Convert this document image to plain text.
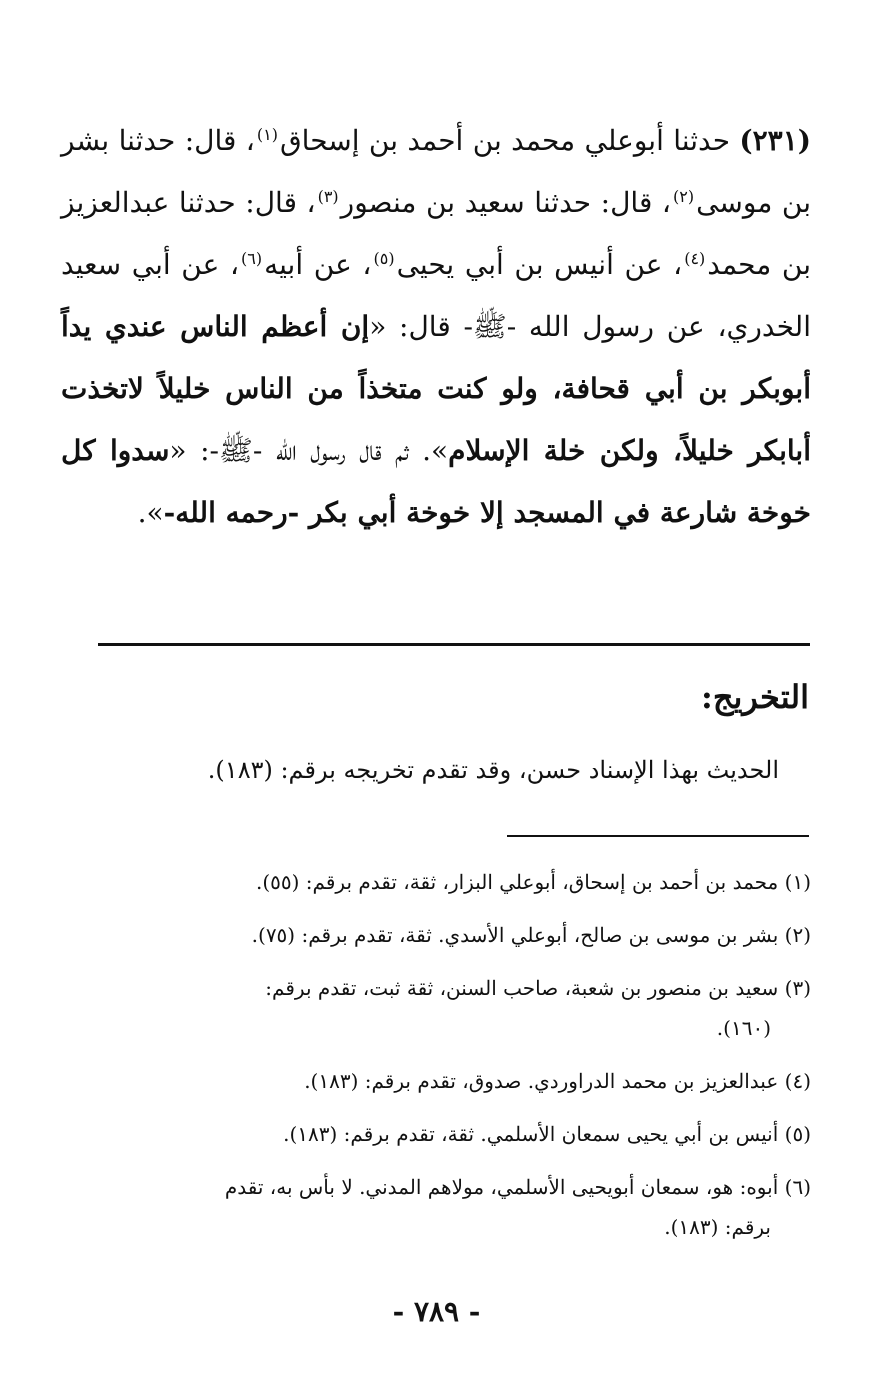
(٢٣١) حدثنا أبوعلي محمد بن أحمد بن إسحاق$^{(١)}$، قال: حدثنا بشر بن موسى$^{(٢)}$، قال: حدثنا سعيد بن منصور$^{(٣)}$، قال: حدثنا عبدالعزيز بن محمد$^{(٤)}$، عن أنيس بن أبي يحيى$^{(٥)}$، عن أبيه$^{(٦)}$، عن أبي سعيد الخدري، عن رسول الله -ﷺ- قال: «إن أعظم الناس عندي يداً أبوبكر بن أبي قحافة، ولو كنت متخذاً من الناس خليلاً لاتخذت أبابكر خليلاً، ولكن خلة الإسلام». ثم قال رسول الله -ﷺ-: «سدوا كل خوخة شارعة في المسجد إلا خوخة أبي بكر -رحمه الله-».
التخريج:
الحديث بهذا الإسناد حسن، وقد تقدم تخريجه برقم: (١٨٣).
(١) محمد بن أحمد بن إسحاق، أبوعلي البزار، ثقة، تقدم برقم: (٥٥).
(٢) بشر بن موسى بن صالح، أبوعلي الأسدي. ثقة، تقدم برقم: (٧٥).
(٣) سعيد بن منصور بن شعبة، صاحب السنن، ثقة ثبت، تقدم برقم:
(١٦٠).
(٤) عبدالعزيز بن محمد الدراوردي. صدوق، تقدم برقم: (١٨٣).
(٥) أنيس بن أبي يحيى سمعان الأسلمي. ثقة، تقدم برقم: (١٨٣).
(٦) أبوه: هو، سمعان أبويحيى الأسلمي، مولاهم المدني. لا بأس به، تقدم
برقم: (١٨٣).
- ٧٨٩ -
